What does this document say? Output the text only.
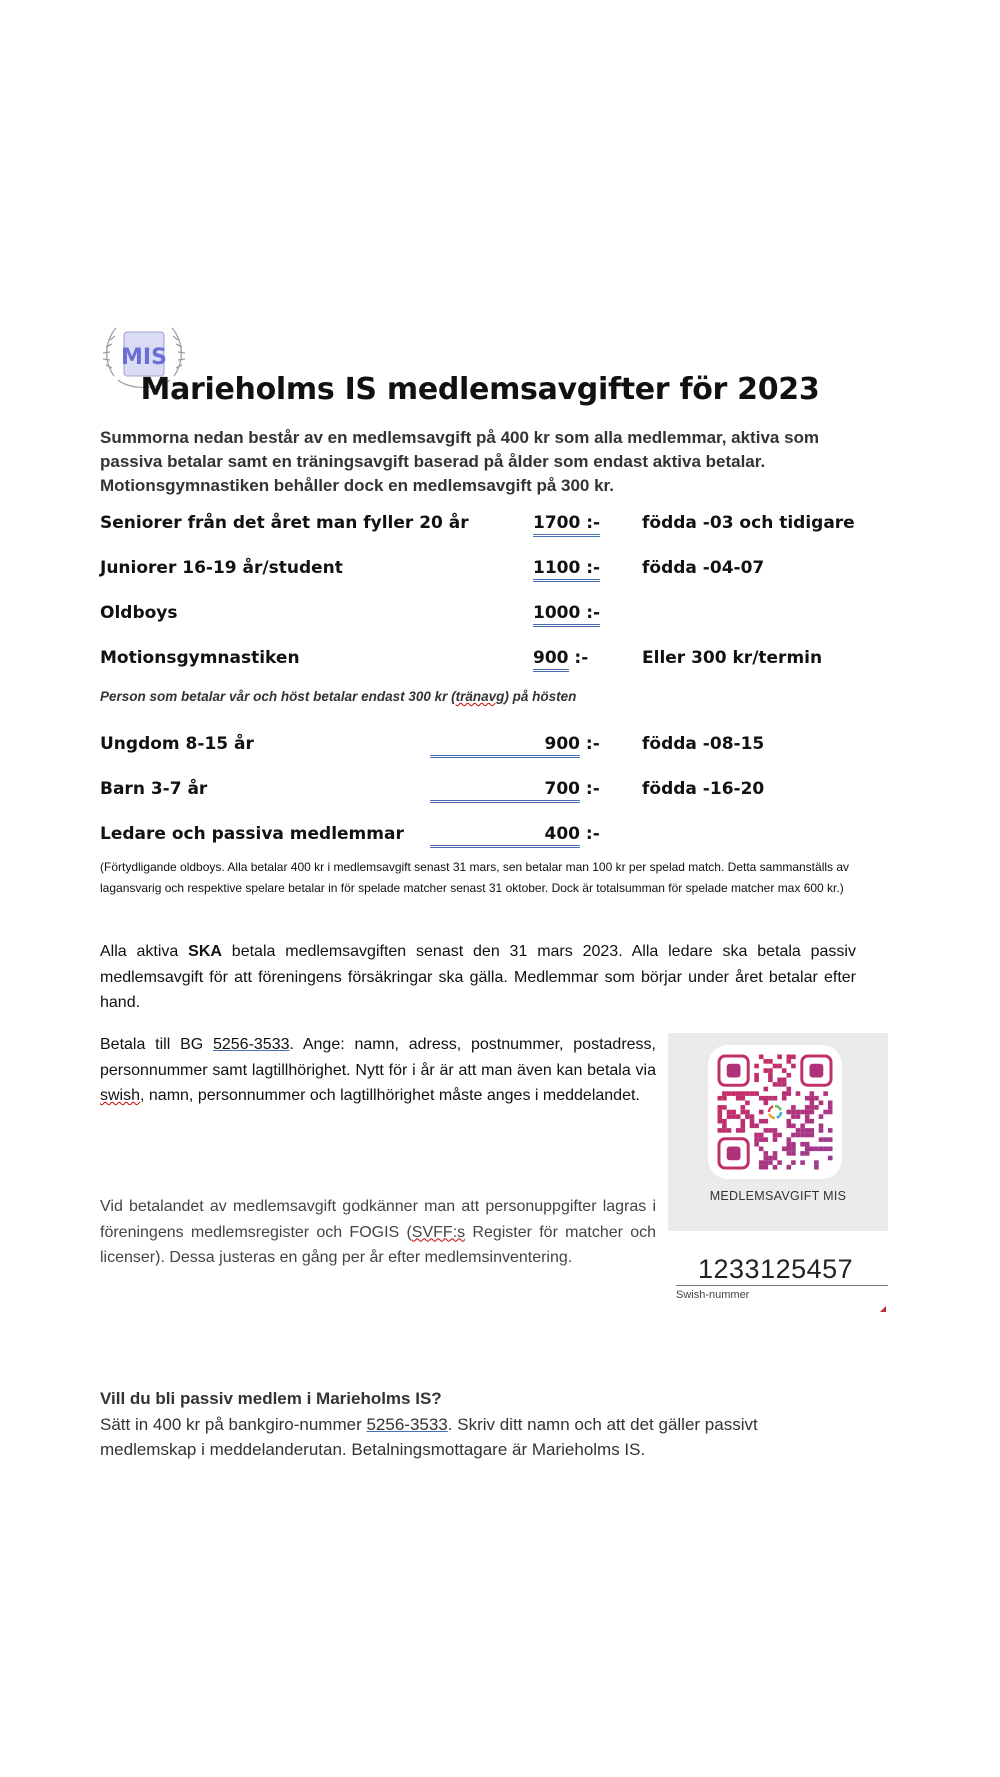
MIS
Marieholms IS medlemsavgifter för 2023
Summorna nedan består av en medlemsavgift på 400 kr som alla medlemmar, aktiva som passiva betalar samt en träningsavgift baserad på ålder som endast aktiva betalar. Motionsgymnastiken behåller dock en medlemsavgift på 300 kr.
Seniorer från det året man fyller 20 år	1700 :- födda -03 och tidigare
Juniorer 16-19 år/student	1100 :- födda -04-07
Oldboys	1000 :-
Motionsgymnastiken	900 :-	Eller 300 kr/termin
Person som betalar vår och höst betalar endast 300 kr (tränavg) på hösten
Ungdom 8-15 år	900 :- födda -08-15
Barn 3-7 år	700 :- födda -16-20
Ledare och passiva medlemmar	400 :-
(Förtydligande oldboys. Alla betalar 400 kr i medlemsavgift senast 31 mars, sen betalar man 100 kr per spelad match. Detta sammanställs av lagansvarig och respektive spelare betalar in för spelade matcher senast 31 oktober. Dock är totalsumman för spelade matcher max 600 kr.)
Alla aktiva SKA betala medlemsavgiften senast den 31 mars 2023. Alla ledare ska betala passiv medlemsavgift för att föreningens försäkringar ska gälla. Medlemmar som börjar under året betalar efter hand.
Betala till BG 5256-3533. Ange: namn, adress, postnummer, postadress, personnummer samt lagtillhörighet. Nytt för i år är att man även kan betala via swish, namn, personnummer och lagtillhörighet måste anges i meddelandet.
Vid betalandet av medlemsavgift godkänner man att personuppgifter lagras i föreningens medlemsregister och FOGIS (SVFF:s Register för matcher och licenser). Dessa justeras en gång per år efter medlemsinventering.
MEDLEMSAVGIFT MIS
1233125457
Swish-nummer
Vill du bli passiv medlem i Marieholms IS?
Sätt in 400 kr på bankgiro-nummer 5256-3533. Skriv ditt namn och att det gäller passivt medlemskap i meddelanderutan. Betalningsmottagare är Marieholms IS.
